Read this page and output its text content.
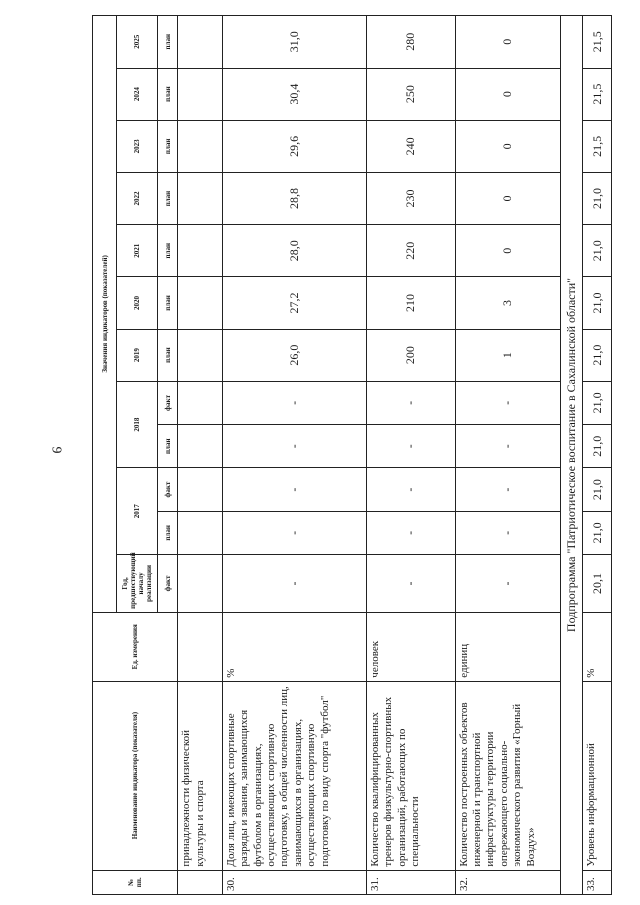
9
№ пп.	Наименование индикатора (показателя)	Ед. измерения	Значения индикаторов (показателей)											
			Год, предшествующий началу реализации	2017		2018		2019	2020	2021	2022	2023	2024	2025
			факт	план	факт	план	факт	план	план	план	план	план	план	план
	принадлежности физической культуры и спорта													
30.	Доля лиц, имеющих спортивные разряды и звания, занимающихся футболом в организациях, осуществляющих спортивную подготовку, в общей численности лиц, занимающихся в организациях, осуществляющих спортивную подготовку по виду спорта "футбол"	%	-	-	-	-	-	26,0	27,2	28,0	28,8	29,6	30,4	31,0
31.	Количество квалифицированных тренеров физкультурно-спортивных организаций, работающих по специальности	человек	-	-	-	-	-	200	210	220	230	240	250	280
32.	Количество построенных объектов инженерной и транспортной инфраструктуры территории опережающего социально-экономического развития «Горный Воздух»	единиц	-	-	-	-	-	1	3	0	0	0	0	0
Подпрограмма "Патриотическое воспитание в Сахалинской области"														
33.	Уровень информационной	%	20,1	21,0	21,0	21,0	21,0	21,0	21,0	21,0	21,0	21,5	21,5	21,5
